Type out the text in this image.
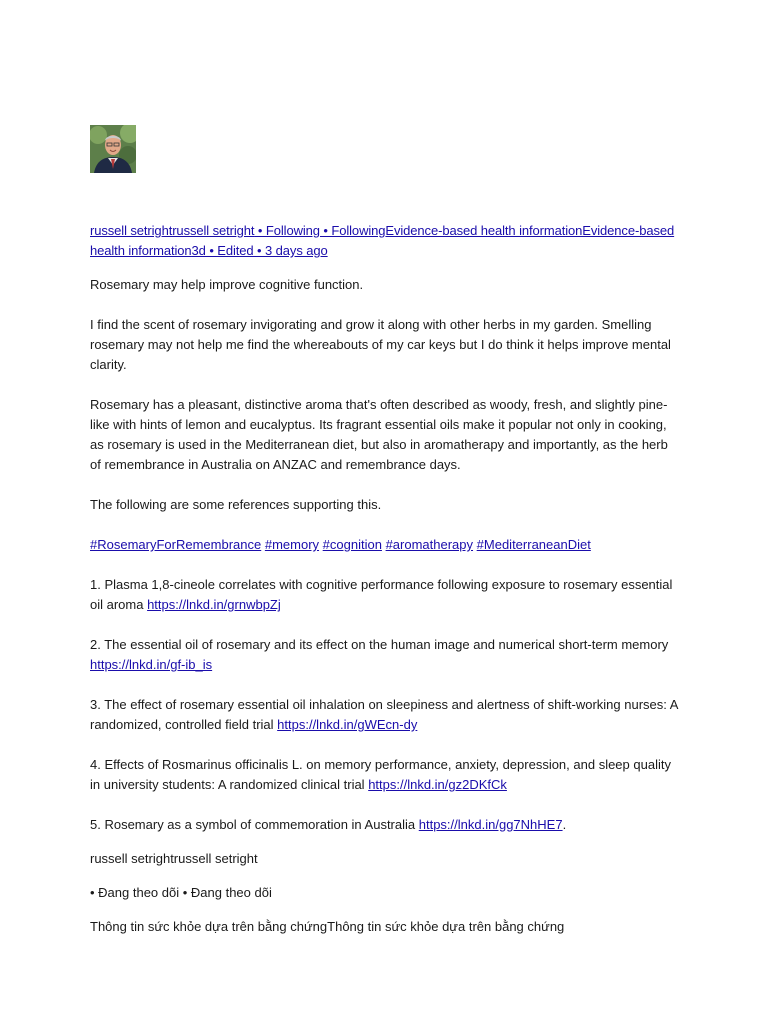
russell setrightrussell setright • Following • FollowingEvidence-based health informationEvidence-based health information3d • Edited • 3 days ago

Rosemary may help improve cognitive function.

I find the scent of rosemary invigorating and grow it along with other herbs in my garden. Smelling rosemary may not help me find the whereabouts of my car keys but I do think it helps improve mental clarity.

Rosemary has a pleasant, distinctive aroma that's often described as woody, fresh, and slightly pine-like with hints of lemon and eucalyptus. Its fragrant essential oils make it popular not only in cooking, as rosemary is used in the Mediterranean diet, but also in aromatherapy and importantly, as the herb of remembrance in Australia on ANZAC and remembrance days.

The following are some references supporting this.

#RosemaryForRemembrance #memory #cognition #aromatherapy #MediterraneanDiet

1. Plasma 1,8-cineole correlates with cognitive performance following exposure to rosemary essential oil aroma https://lnkd.in/grnwbpZj

2. The essential oil of rosemary and its effect on the human image and numerical short-term memory https://lnkd.in/gf-ib_is

3. The effect of rosemary essential oil inhalation on sleepiness and alertness of shift-working nurses: A randomized, controlled field trial https://lnkd.in/gWEcn-dy

4. Effects of Rosmarinus officinalis L. on memory performance, anxiety, depression, and sleep quality in university students: A randomized clinical trial https://lnkd.in/gz2DKfCk

5. Rosemary as a symbol of commemoration in Australia https://lnkd.in/gg7NhHE7.

russell setrightrussell setright

• Đang theo dõi • Đang theo dõi

Thông tin sức khỏe dựa trên bằng chứngThông tin sức khỏe dựa trên bằng chứng
